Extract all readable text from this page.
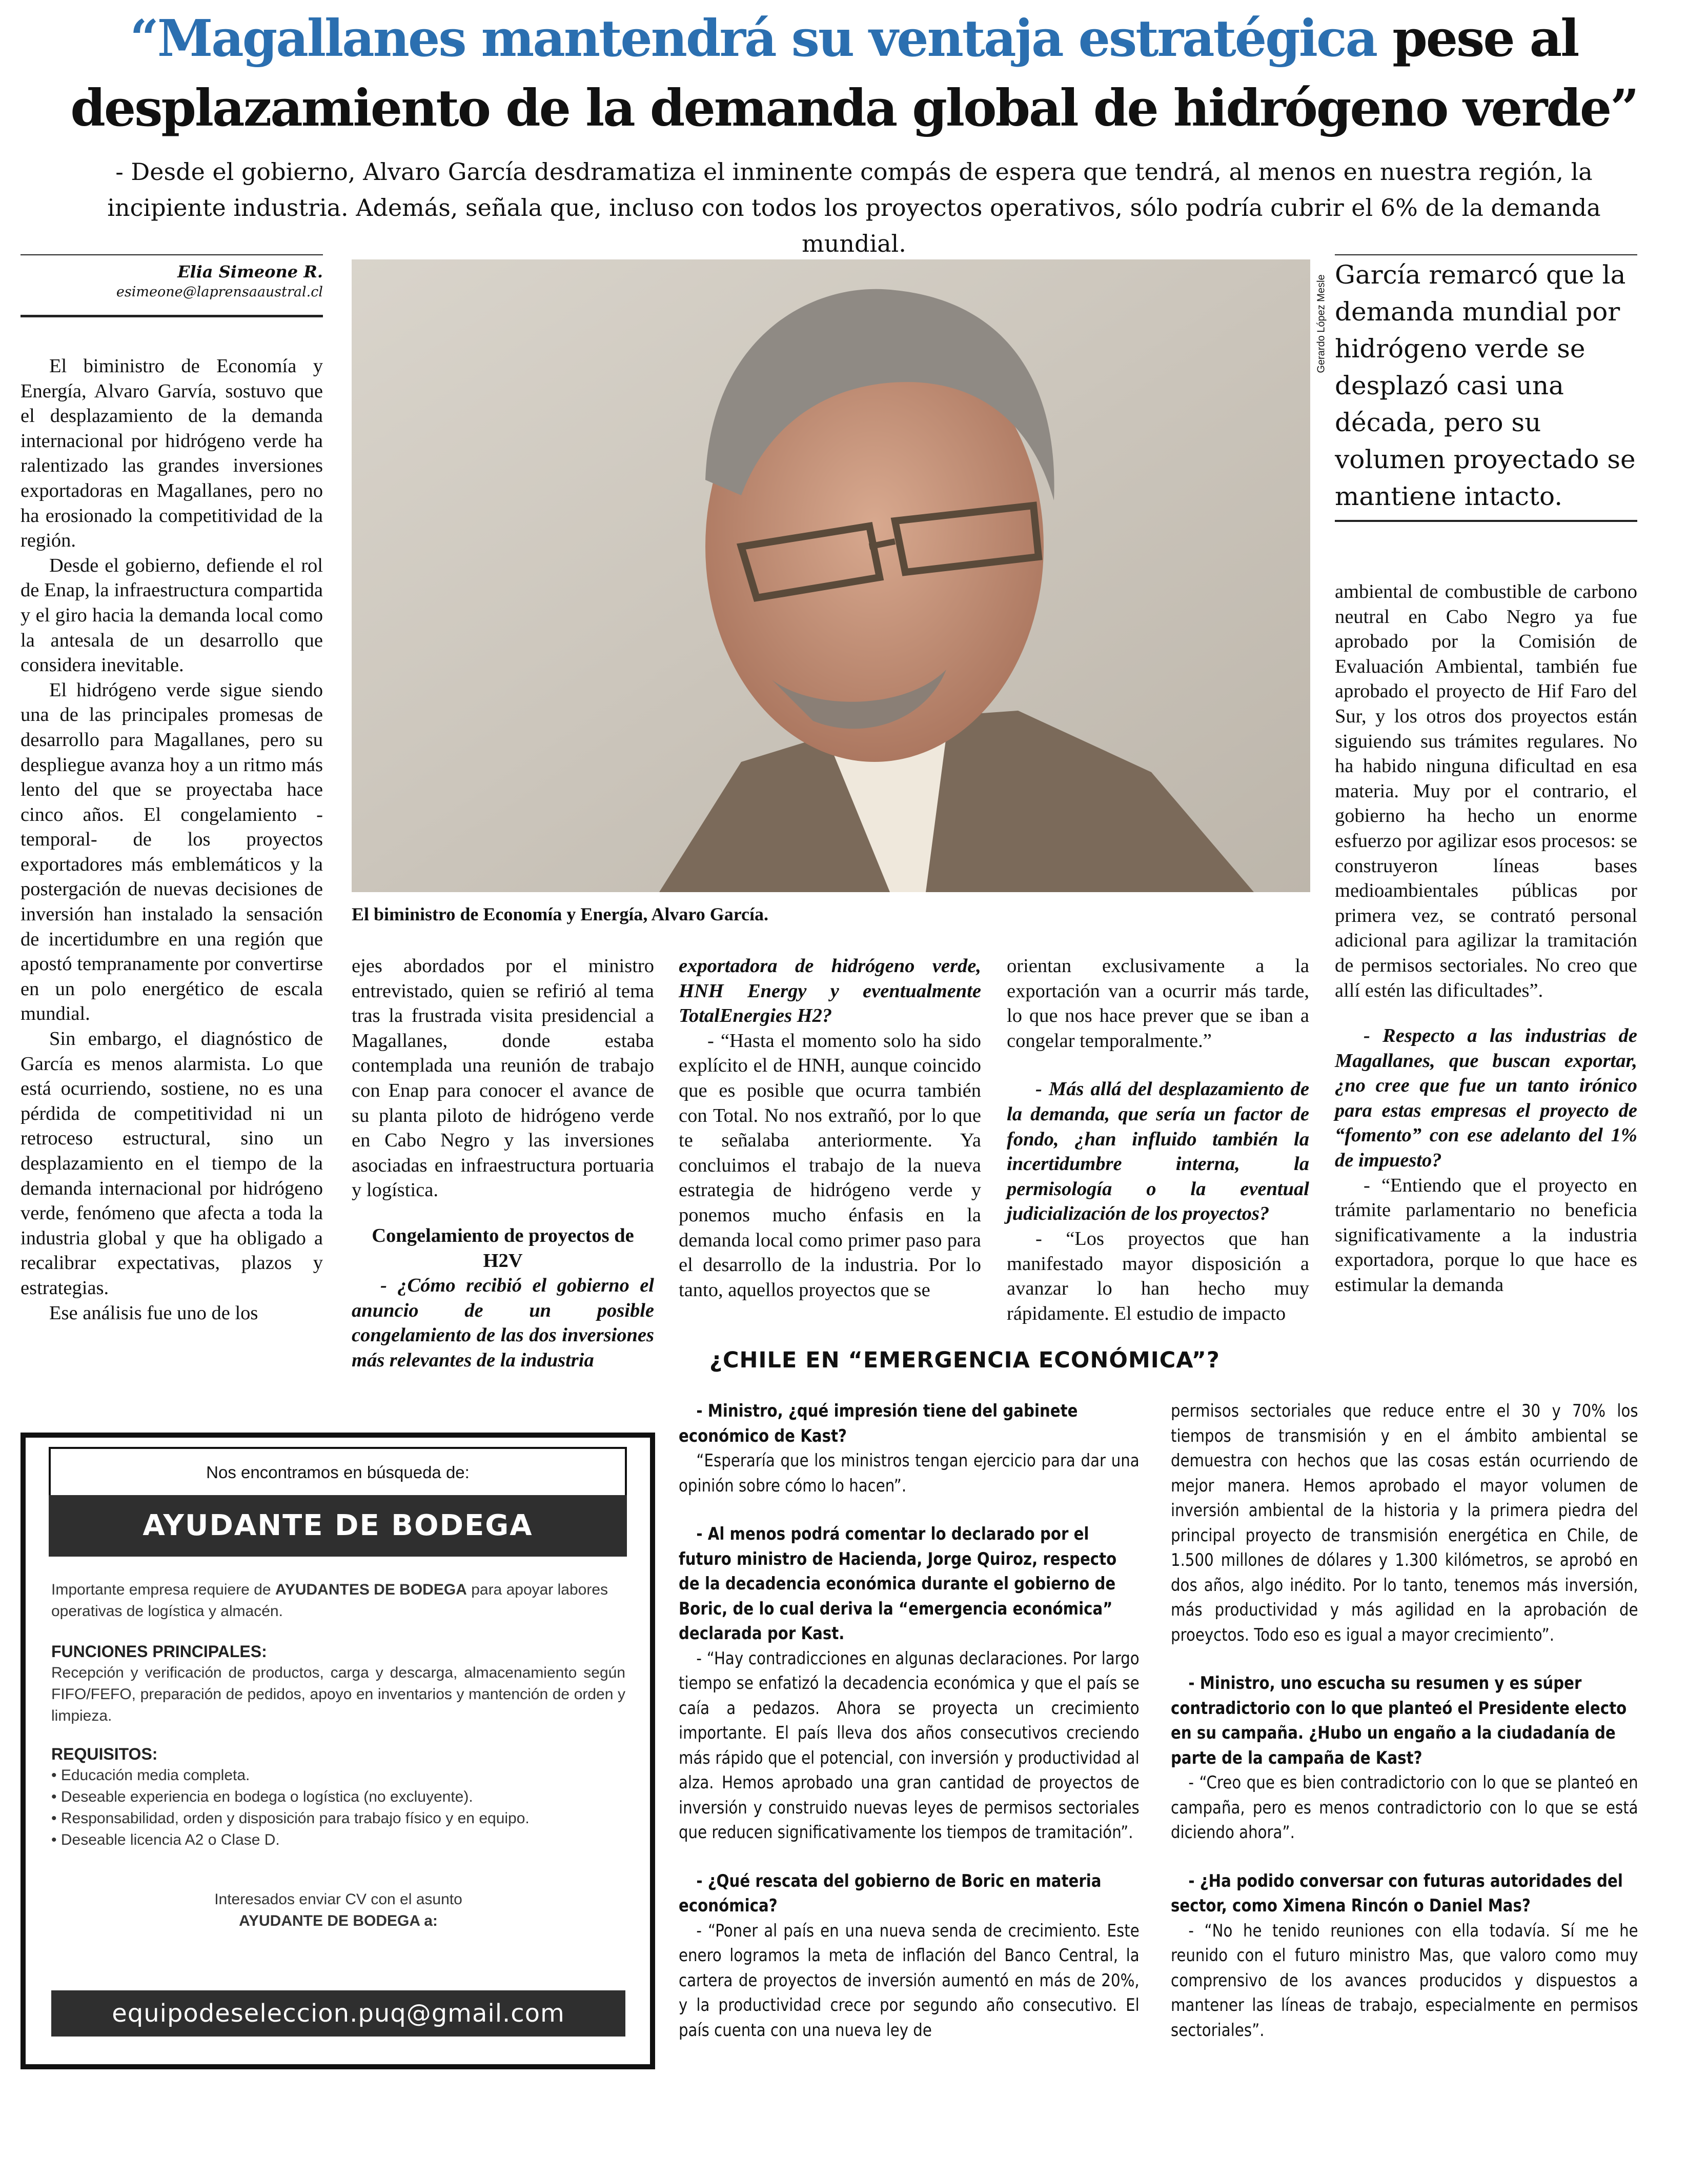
“Magallanes mantendrá su ventaja estratégica pese al
desplazamiento de la demanda global de hidrógeno verde”
- Desde el gobierno, Alvaro García desdramatiza el inminente compás de espera que tendrá, al menos en nuestra región, la incipiente industria. Además, señala que, incluso con todos los proyectos operativos, sólo podría cubrir el 6% de la demanda mundial.
Elia Simeone R.
esimeone@laprensaaustral.cl
El biministro de Economía y Energía, Alvaro García.
Gerardo López Mesle García remarcó que la demanda mundial por hidrógeno verde se desplazó casi una década, pero su volumen proyectado se mantiene intacto.

El biministro de Economía y Energía, Alvaro Garvía, sostuvo que el desplazamiento de la demanda internacional por hidrógeno verde ha ralentizado las grandes inversiones exportadoras en Magallanes, pero no ha erosionado la competitividad de la región.

Desde el gobierno, defiende el rol de Enap, la infraestructura compartida y el giro hacia la demanda local como la antesala de un desarrollo que considera inevitable.

El hidrógeno verde sigue siendo una de las principales promesas de desarrollo para Magallanes, pero su despliegue avanza hoy a un ritmo más lento del que se proyectaba hace cinco años. El congelamiento -temporal- de los proyectos exportadores más emblemáticos y la postergación de nuevas decisiones de inversión han instalado la sensación de incertidumbre en una región que apostó tempranamente por convertirse en un polo energético de escala mundial.

Sin embargo, el diagnóstico de García es menos alarmista. Lo que está ocurriendo, sostiene, no es una pérdida de competitividad ni un retroceso estructural, sino un desplazamiento en el tiempo de la demanda internacional por hidrógeno verde, fenómeno que afecta a toda la industria global y que ha obligado a recalibrar expectativas, plazos y estrategias.

Ese análisis fue uno de los

ejes abordados por el ministro entrevistado, quien se refirió al tema tras la frustrada visita presidencial a Magallanes, donde estaba contemplada una reunión de trabajo con Enap para conocer el avance de su planta piloto de hidrógeno verde en Cabo Negro y las inversiones asociadas en infraestructura portuaria y logística.

Congelamiento de proyectos de H2V

- ¿Cómo recibió el gobierno el anuncio de un posible congelamiento de las dos inversiones más relevantes de la industria

exportadora de hidrógeno verde, HNH Energy y eventualmente TotalEnergies H2?

- “Hasta el momento solo ha sido explícito el de HNH, aunque coincido que es posible que ocurra también con Total. No nos extrañó, por lo que te señalaba anteriormente. Ya concluimos el trabajo de la nueva estrategia de hidrógeno verde y ponemos mucho énfasis en la demanda local como primer paso para el desarrollo de la industria. Por lo tanto, aquellos proyectos que se

orientan exclusivamente a la exportación van a ocurrir más tarde, lo que nos hace prever que se iban a congelar temporalmente.”

- Más allá del desplazamiento de la demanda, que sería un factor de fondo, ¿han influido también la incertidumbre interna, la permisología o la eventual judicialización de los proyectos?

- “Los proyectos que han manifestado mayor disposición a avanzar lo han hecho muy rápidamente. El estudio de impacto

ambiental de combustible de carbono neutral en Cabo Negro ya fue aprobado por la Comisión de Evaluación Ambiental, también fue aprobado el proyecto de Hif Faro del Sur, y los otros dos proyectos están siguiendo sus trámites regulares. No ha habido ninguna dificultad en esa materia. Muy por el contrario, el gobierno ha hecho un enorme esfuerzo por agilizar esos procesos: se construyeron líneas bases medioambientales públicas por primera vez, se contrató personal adicional para agilizar la tramitación de permisos sectoriales. No creo que allí estén las dificultades”.

- Respecto a las industrias de Magallanes, que buscan exportar, ¿no cree que fue un tanto irónico para estas empresas el proyecto de “fomento” con ese adelanto del 1% de impuesto?

- “Entiendo que el proyecto en trámite parlamentario no beneficia significativamente a la industria exportadora, porque lo que hace es estimular la demanda

¿CHILE EN “EMERGENCIA ECONÓMICA”?

- Ministro, ¿qué impresión tiene del gabinete económico de Kast?

“Esperaría que los ministros tengan ejercicio para dar una opinión sobre cómo lo hacen”.

- Al menos podrá comentar lo declarado por el futuro ministro de Hacienda, Jorge Quiroz, respecto de la decadencia económica durante el gobierno de Boric, de lo cual deriva la “emergencia económica” declarada por Kast.

- “Hay contradicciones en algunas declaraciones. Por largo tiempo se enfatizó la decadencia económica y que el país se caía a pedazos. Ahora se proyecta un crecimiento importante. El país lleva dos años consecutivos creciendo más rápido que el potencial, con inversión y productividad al alza. Hemos aprobado una gran cantidad de proyectos de inversión y construido nuevas leyes de permisos sectoriales que reducen significativamente los tiempos de tramitación”.

- ¿Qué rescata del gobierno de Boric en materia económica?

- “Poner al país en una nueva senda de crecimiento. Este enero logramos la meta de inflación del Banco Central, la cartera de proyectos de inversión aumentó en más de 20%, y la productividad crece por segundo año consecutivo. El país cuenta con una nueva ley de

permisos sectoriales que reduce entre el 30 y 70% los tiempos de transmisión y en el ámbito ambiental se demuestra con hechos que las cosas están ocurriendo de mejor manera. Hemos aprobado el mayor volumen de inversión ambiental de la historia y la primera piedra del principal proyecto de transmisión energética en Chile, de 1.500 millones de dólares y 1.300 kilómetros, se aprobó en dos años, algo inédito. Por lo tanto, tenemos más inversión, más productividad y más agilidad en la aprobación de proeyctos. Todo eso es igual a mayor crecimiento”.

- Ministro, uno escucha su resumen y es súper contradictorio con lo que planteó el Presidente electo en su campaña. ¿Hubo un engaño a la ciudadanía de parte de la campaña de Kast?

- “Creo que es bien contradictorio con lo que se planteó en campaña, pero es menos contradictorio con lo que se está diciendo ahora”.

- ¿Ha podido conversar con futuras autoridades del sector, como Ximena Rincón o Daniel Mas?

- “No he tenido reuniones con ella todavía. Sí me he reunido con el futuro ministro Mas, que valoro como muy comprensivo de los avances producidos y dispuestos a mantener las líneas de trabajo, especialmente en permisos sectoriales”.

Nos encontramos en búsqueda de:
AYUDANTE DE BODEGA
Importante empresa requiere de AYUDANTES DE BODEGA para apoyar labores operativas de logística y almacén.
FUNCIONES PRINCIPALES:
Recepción y verificación de productos, carga y descarga, almacenamiento según FIFO/FEFO, preparación de pedidos, apoyo en inventarios y mantención de orden y limpieza.
REQUISITOS:
• Educación media completa.
• Deseable experiencia en bodega o logística (no excluyente).
• Responsabilidad, orden y disposición para trabajo físico y en equipo.
• Deseable licencia A2 o Clase D.
Interesados enviar CV con el asunto
AYUDANTE DE BODEGA a:
equipodeseleccion.puq@gmail.com
